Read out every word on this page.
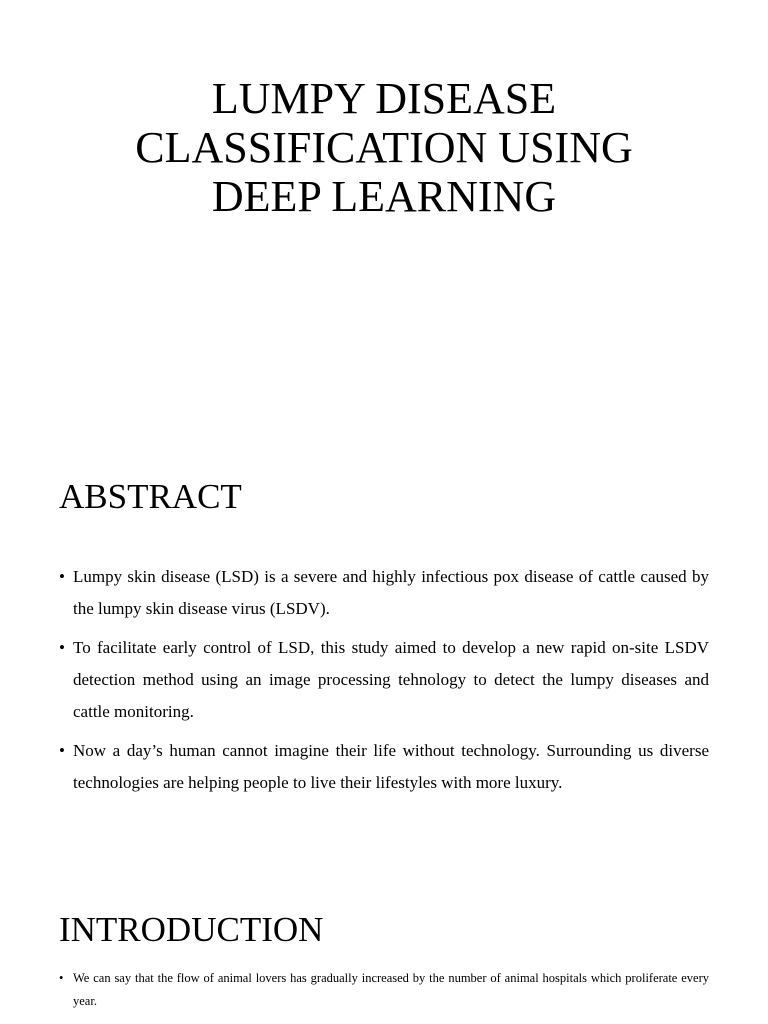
LUMPY DISEASE
CLASSIFICATION USING
DEEP LEARNING
ABSTRACT
• Lumpy skin disease (LSD) is a severe and highly infectious pox disease of cattle caused by the lumpy skin disease virus (LSDV).
• To facilitate early control of LSD, this study aimed to develop a new rapid on-site LSDV detection method using an image processing tehnology to detect the lumpy diseases and cattle monitoring.
• Now a day’s human cannot imagine their life without technology. Surrounding us diverse technologies are helping people to live their lifestyles with more luxury.
INTRODUCTION
• We can say that the flow of animal lovers has gradually increased by the number of animal hospitals which proliferate every year.
